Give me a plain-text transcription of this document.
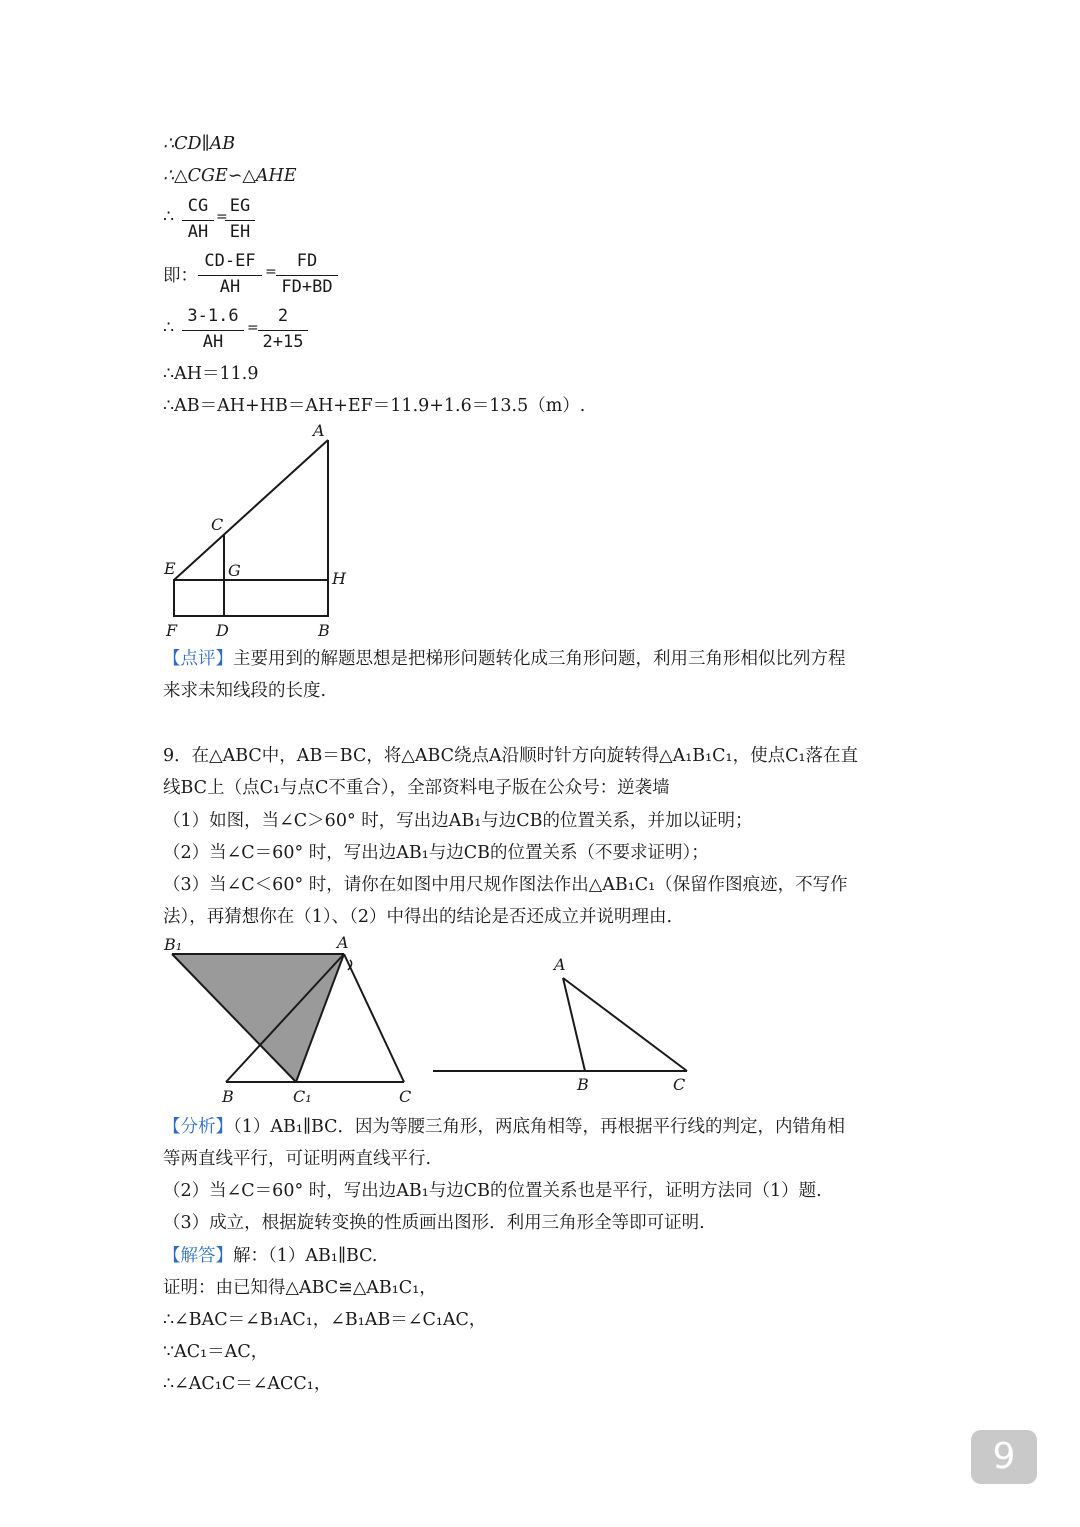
∴CD∥AB
∴△CGE∽△AHE
∴
CG
AH
=
EG
EH
即：
CD-EF
AH
=
FD
FD+BD
∴
3-1.6
AH
=
2
2+15
∴AH＝11.9
∴AB＝AH+HB＝AH+EF＝11.9+1.6＝13.5（m）.
A
C
E	G	H
F D	B
【点评】主要用到的解题思想是把梯形问题转化成三角形问题，利用三角形相似比列方程
来求未知线段的长度.
9．在△ABC中，AB＝BC，将△ABC绕点A沿顺时针方向旋转得△A₁B₁C₁，使点C₁落在直
线BC上（点C₁与点C不重合），全部资料电子版在公众号：逆袭墙
（1）如图，当∠C＞60° 时，写出边AB₁与边CB的位置关系，并加以证明；
（2）当∠C＝60° 时，写出边AB₁与边CB的位置关系（不要求证明）；
（3）当∠C＜60° 时，请你在如图中用尺规作图法作出△AB₁C₁（保留作图痕迹，不写作
法），再猜想你在（1）、（2）中得出的结论是否还成立并说明理由.
B₁	A
B	C₁	C
A
B	C
【分析】（1）AB₁∥BC．因为等腰三角形，两底角相等，再根据平行线的判定，内错角相
等两直线平行，可证明两直线平行.
（2）当∠C＝60° 时，写出边AB₁与边CB的位置关系也是平行，证明方法同（1）题.
（3）成立，根据旋转变换的性质画出图形．利用三角形全等即可证明.
【解答】解：（1）AB₁∥BC.
证明：由已知得△ABC≌△AB₁C₁，
∴∠BAC＝∠B₁AC₁，∠B₁AB＝∠C₁AC，
∵AC₁＝AC，
∴∠AC₁C＝∠ACC₁，
9
